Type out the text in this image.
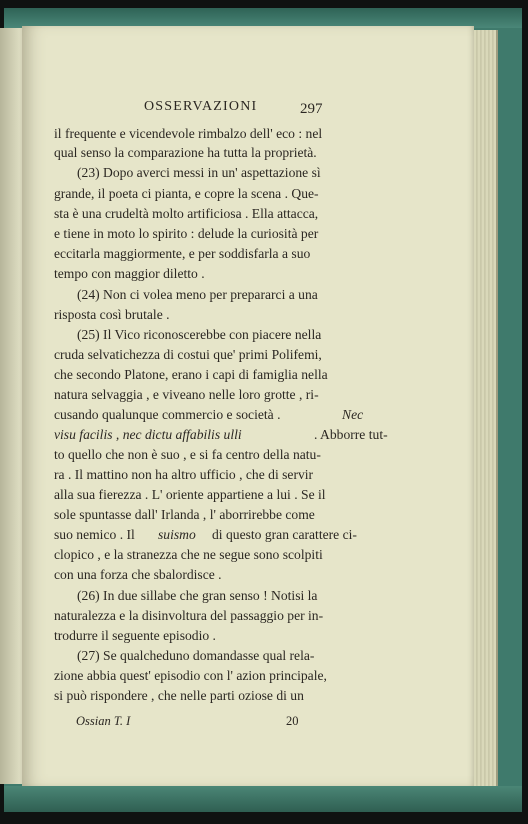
OSSERVAZIONI	297
il frequente e vicendevole rimbalzo dell' eco : nel
qual senso la comparazione ha tutta la proprietà.
(23) Dopo averci messi in un' aspettazione sì
grande, il poeta ci pianta, e copre la scena . Que-
sta è una crudeltà molto artificiosa . Ella attacca,
e tiene in moto lo spirito : delude la curiosità per
eccitarla maggiormente, e per soddisfarla a suo
tempo con maggior diletto .
(24) Non ci volea meno per prepararci a una
risposta così brutale .
(25) Il Vico riconoscerebbe con piacere nella
cruda selvatichezza di costui que' primi Polifemi,
che secondo Platone, erano i capi di famiglia nella
natura selvaggia , e viveano nelle loro grotte , ri-
cusando qualunque commercio e società .	Nec
visu facilis , nec dictu affabilis ulli	. Abborre tut-
to quello che non è suo , e si fa centro della natu-
ra . Il mattino non ha altro ufficio , che di servir
alla sua fierezza . L' oriente appartiene a lui . Se il
sole spuntasse dall' Irlanda , l' aborrirebbe come
suo nemico . Il suismo di questo gran carattere ci-
clopico , e la stranezza che ne segue sono scolpiti
con una forza che sbalordisce .
(26) In due sillabe che gran senso ! Notisi la
naturalezza e la disinvoltura del passaggio per in-
trodurre il seguente episodio .
(27) Se qualcheduno domandasse qual rela-
zione abbia quest' episodio con l' azion principale,
si può rispondere , che nelle parti oziose di un
Ossian T. I	20
